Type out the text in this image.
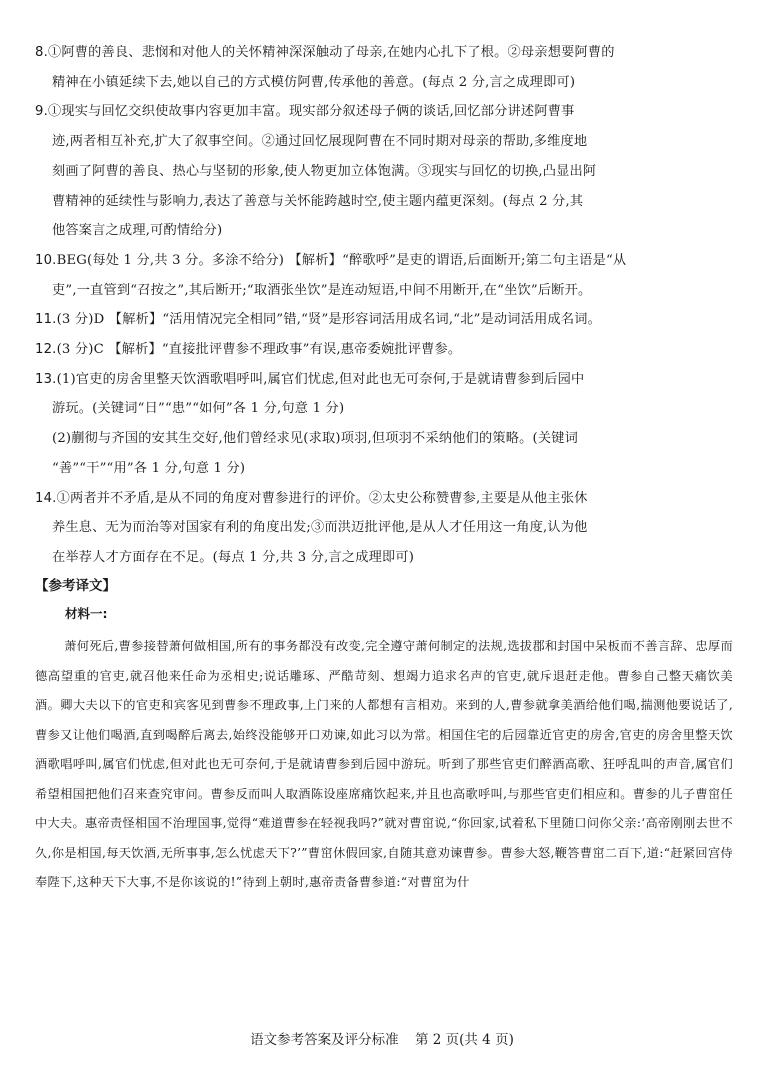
8.①阿曹的善良、悲悯和对他人的关怀精神深深触动了母亲,在她内心扎下了根。②母亲想要阿曹的
精神在小镇延续下去,她以自己的方式模仿阿曹,传承他的善意。(每点 2 分,言之成理即可)
9.①现实与回忆交织使故事内容更加丰富。现实部分叙述母子俩的谈话,回忆部分讲述阿曹事
迹,两者相互补充,扩大了叙事空间。②通过回忆展现阿曹在不同时期对母亲的帮助,多维度地
刻画了阿曹的善良、热心与坚韧的形象,使人物更加立体饱满。③现实与回忆的切换,凸显出阿
曹精神的延续性与影响力,表达了善意与关怀能跨越时空,使主题内蕴更深刻。(每点 2 分,其
他答案言之成理,可酌情给分)
10.BEG(每处 1 分,共 3 分。多涂不给分) 【解析】“醉歌呼”是吏的谓语,后面断开;第二句主语是“从
吏”,一直管到“召按之”,其后断开;“取酒张坐饮”是连动短语,中间不用断开,在“坐饮”后断开。
11.(3 分)D 【解析】“活用情况完全相同”错,“贤”是形容词活用成名词,“北”是动词活用成名词。
12.(3 分)C 【解析】“直接批评曹参不理政事”有误,惠帝委婉批评曹参。
13.(1)官吏的房舍里整天饮酒歌唱呼叫,属官们忧虑,但对此也无可奈何,于是就请曹参到后园中
游玩。(关键词“日”“患”“如何”各 1 分,句意 1 分)
(2)蒯彻与齐国的安其生交好,他们曾经求见(求取)项羽,但项羽不采纳他们的策略。(关键词
“善”“干”“用”各 1 分,句意 1 分)
14.①两者并不矛盾,是从不同的角度对曹参进行的评价。②太史公称赞曹参,主要是从他主张休
养生息、无为而治等对国家有利的角度出发;③而洪迈批评他,是从人才任用这一角度,认为他
在举荐人才方面存在不足。(每点 1 分,共 3 分,言之成理即可)
【参考译文】
材料一:
萧何死后,曹参接替萧何做相国,所有的事务都没有改变,完全遵守萧何制定的法规,选拔郡和封国中呆板而不善言辞、忠厚而德高望重的官吏,就召他来任命为丞相史;说话雕琢、严酷苛刻、想竭力追求名声的官吏,就斥退赶走他。曹参自己整天痛饮美酒。卿大夫以下的官吏和宾客见到曹参不理政事,上门来的人都想有言相劝。来到的人,曹参就拿美酒给他们喝,揣测他要说话了,曹参又让他们喝酒,直到喝醉后离去,始终没能够开口劝谏,如此习以为常。相国住宅的后园靠近官吏的房舍,官吏的房舍里整天饮酒歌唱呼叫,属官们忧虑,但对此也无可奈何,于是就请曹参到后园中游玩。听到了那些官吏们醉酒高歌、狂呼乱叫的声音,属官们希望相国把他们召来查究审问。曹参反而叫人取酒陈设座席痛饮起来,并且也高歌呼叫,与那些官吏们相应和。曹参的儿子曹窋任中大夫。惠帝责怪相国不治理国事,觉得“难道曹参在轻视我吗?”就对曹窋说,“你回家,试着私下里随口问你父亲:‘高帝刚刚去世不久,你是相国,每天饮酒,无所事事,怎么忧虑天下?’”曹窋休假回家,自随其意劝谏曹参。曹参大怒,鞭答曹窋二百下,道:“赶紧回宫侍奉陛下,这种天下大事,不是你该说的!”待到上朝时,惠帝责备曹参道:“对曹窋为什
语文参考答案及评分标准 第 2 页(共 4 页)
